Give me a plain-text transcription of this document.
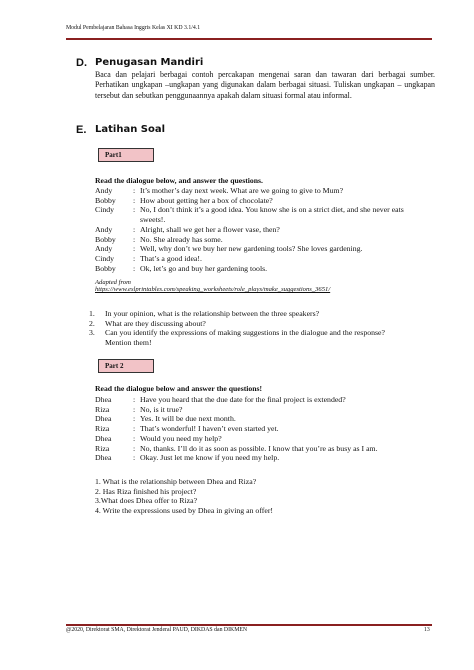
Modul Pembelajaran Bahasa Inggris Kelas XI KD 3.1/4.1
D. Penugasan Mandiri
Baca dan pelajari berbagai contoh percakapan mengenai saran dan tawaran dari berbagai sumber. Perhatikan ungkapan –ungkapan yang digunakan dalam berbagai situasi. Tuliskan ungkapan – ungkapan tersebut dan sebutkan penggunaannya apakah dalam situasi formal atau informal.
E. Latihan Soal
Part1
Read the dialogue below, and answer the questions.
Andy	: It’s mother’s day next week. What are we going to give to Mum?
Bobby	: How about getting her a box of chocolate?
Cindy	: No, I don’t think it’s a good idea. You know she is on a strict diet, and she never eats sweets!.
Andy	: Alright, shall we get her a flower vase, then?
Bobby	: No. She already has some.
Andy	: Well, why don’t we buy her new gardening tools? She loves gardening.
Cindy	: That’s a good idea!.
Bobby	: Ok, let’s go and buy her gardening tools.
Adapted from
https://www.eslprintables.com/speaking_worksheets/role_plays/make_suggestions_3651/
1.	In your opinion, what is the relationship between the three speakers?
2.	What are they discussing about?
3.	Can you identify the expressions of making suggestions in the dialogue and the response? Mention them!
Part 2
Read the dialogue below and answer the questions!
Dhea	: Have you heard that the due date for the final project is extended?
Riza	: No, is it true?
Dhea	: Yes. It will be due next month.
Riza	: That’s wonderful! I haven’t even started yet.
Dhea	: Would you need my help?
Riza	: No, thanks. I’ll do it as soon as possible. I know that you’re as busy as I am.
Dhea	: Okay. Just let me know if you need my help.
1. What is the relationship between Dhea and Riza?
2. Has Riza finished his project?
3.What does Dhea offer to Riza?
4. Write the expressions used by Dhea in giving an offer!
@2020, Direktorat SMA, Direktorat Jenderal PAUD, DIKDAS dan DIKMEN	13
